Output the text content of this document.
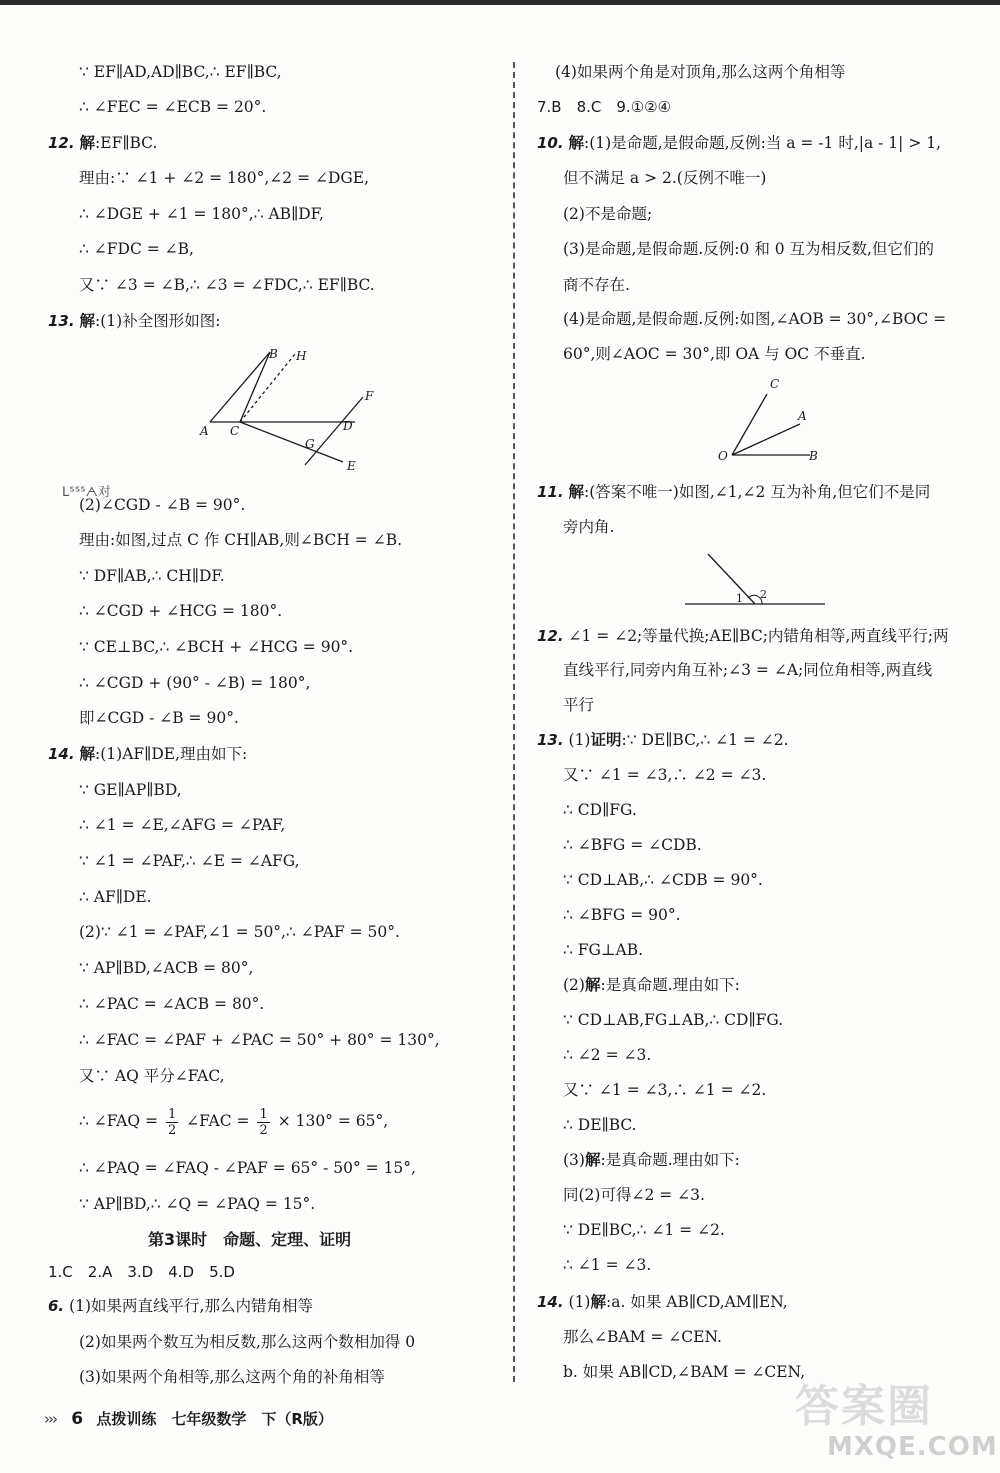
∵ EF∥AD,AD∥BC,∴ EF∥BC,
∴ ∠FEC = ∠ECB = 20°.
12. 解:EF∥BC.
理由:∵ ∠1 + ∠2 = 180°,∠2 = ∠DGE,
∴ ∠DGE + ∠1 = 180°,∴ AB∥DF,
∴ ∠FDC = ∠B,
又∵ ∠3 = ∠B,∴ ∠3 = ∠FDC,∴ EF∥BC.
13. 解:(1)补全图形如图:
A
B H
C	D
F
G
E
ᒪᔆᔆᔆᗅ对
(2)∠CGD - ∠B = 90°.
理由:如图,过点 C 作 CH∥AB,则∠BCH = ∠B.
∵ DF∥AB,∴ CH∥DF.
∴ ∠CGD + ∠HCG = 180°.
∵ CE⊥BC,∴ ∠BCH + ∠HCG = 90°.
∴ ∠CGD + (90° - ∠B) = 180°,
即∠CGD - ∠B = 90°.
14. 解:(1)AF∥DE,理由如下:
∵ GE∥AP∥BD,
∴ ∠1 = ∠E,∠AFG = ∠PAF,
∵ ∠1 = ∠PAF,∴ ∠E = ∠AFG,
∴ AF∥DE.
(2)∵ ∠1 = ∠PAF,∠1 = 50°,∴ ∠PAF = 50°.
∵ AP∥BD,∠ACB = 80°,
∴ ∠PAC = ∠ACB = 80°.
∴ ∠FAC = ∠PAF + ∠PAC = 50° + 80° = 130°,
又∵ AQ 平分∠FAC,
∴ ∠FAQ = $\frac{1}{2}$ ∠FAC = $\frac{1}{2} \times 130^\circ = 65^\circ$,
∴ ∠PAQ = ∠FAQ - ∠PAF = 65° - 50° = 15°,
∵ AP∥BD,∴ ∠Q = ∠PAQ = 15°.
第3课时　命题、定理、证明
1.C　2.A　3.D　4.D　5.D
6. (1)如果两直线平行,那么内错角相等
(2)如果两个数互为相反数,那么这两个数相加得 0
(3)如果两个角相等,那么这两个角的补角相等
(4)如果两个角是对顶角,那么这两个角相等
7.B　8.C　9.①②④
10. 解:(1)是命题,是假命题,反例:当 a = -1 时,|a - 1| > 1,
但不满足 a > 2.(反例不唯一)
(2)不是命题;
(3)是命题,是假命题.反例:0 和 0 互为相反数,但它们的
商不存在.
(4)是命题,是假命题.反例:如图,∠AOB = 30°,∠BOC =
60°,则∠AOC = 30°,即 OA 与 OC 不垂直.
O
A
B
C
11. 解:(答案不唯一)如图,∠1,∠2 互为补角,但它们不是同
旁内角.
1 2
12. ∠1 = ∠2;等量代换;AE∥BC;内错角相等,两直线平行;两
直线平行,同旁内角互补;∠3 = ∠A;同位角相等,两直线
平行
13. (1)证明:∵ DE∥BC,∴ ∠1 = ∠2.
又∵ ∠1 = ∠3,∴ ∠2 = ∠3.
∴ CD∥FG.
∴ ∠BFG = ∠CDB.
∵ CD⊥AB,∴ ∠CDB = 90°.
∴ ∠BFG = 90°.
∴ FG⊥AB.
(2)解:是真命题.理由如下:
∵ CD⊥AB,FG⊥AB,∴ CD∥FG.
∴ ∠2 = ∠3.
又∵ ∠1 = ∠3,∴ ∠1 = ∠2.
∴ DE∥BC.
(3)解:是真命题.理由如下:
同(2)可得∠2 = ∠3.
∵ DE∥BC,∴ ∠1 = ∠2.
∴ ∠1 = ∠3.
14. (1)解:a. 如果 AB∥CD,AM∥EN,
那么∠BAM = ∠CEN.
b. 如果 AB∥CD,∠BAM = ∠CEN,
››› 6 点拨训练　七年级数学　下（R版）	答案圈
MXQE.COM
